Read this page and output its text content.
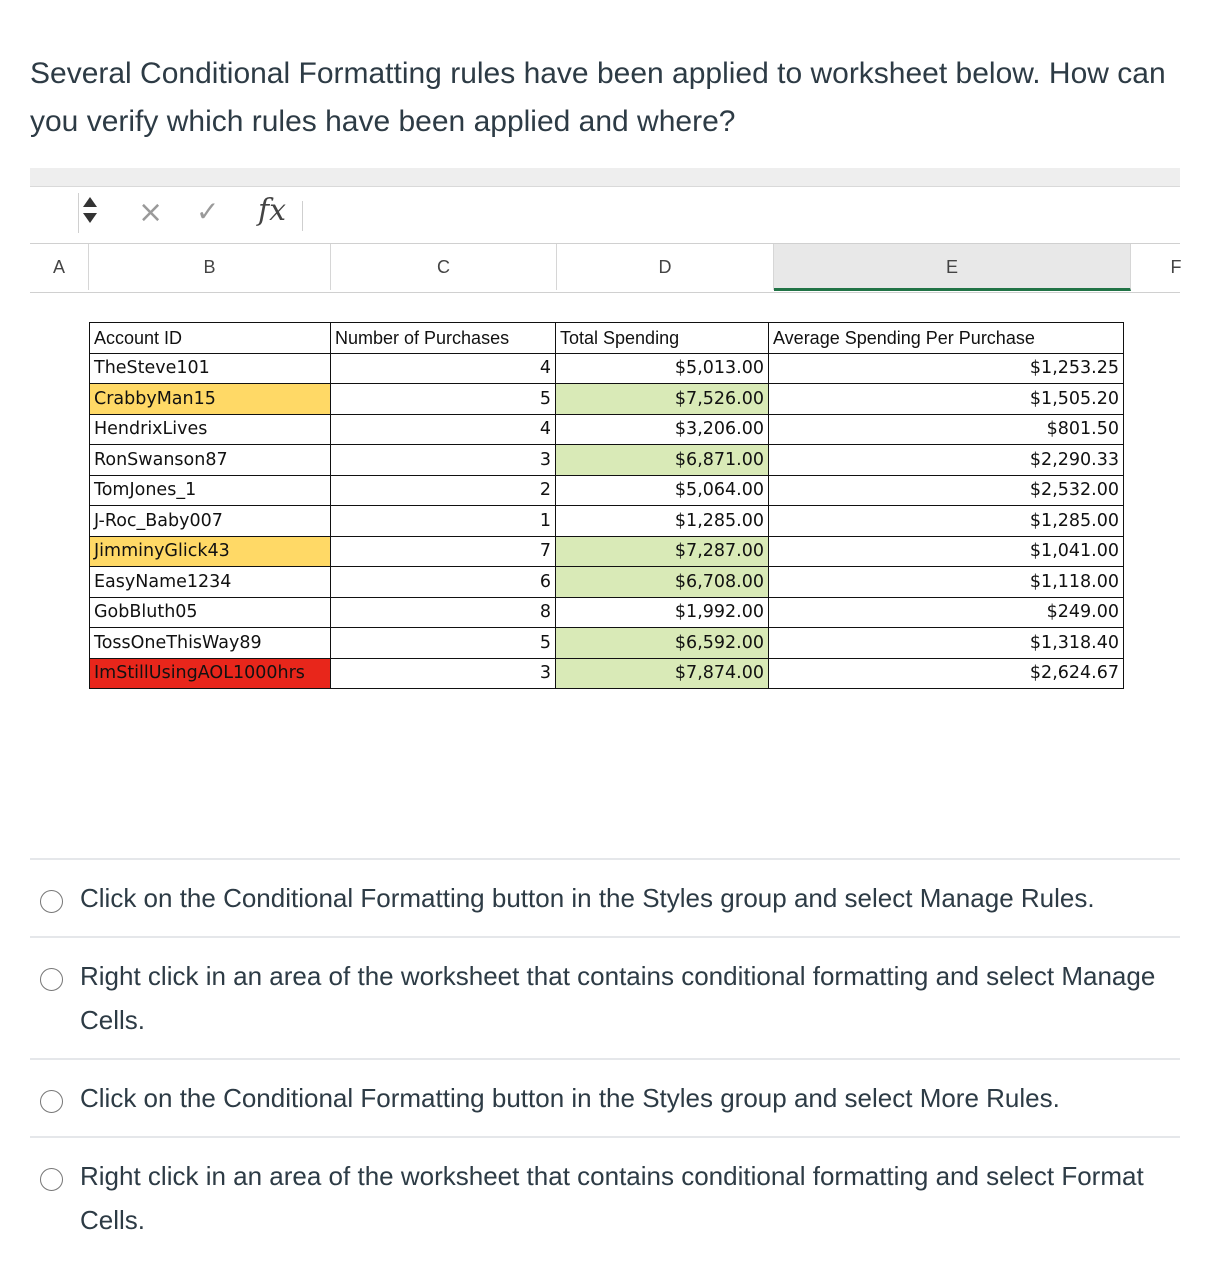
Several Conditional Formatting rules have been applied to worksheet below. How can you verify which rules have been applied and where?
× ✓ fx
A	B	C	D	E	F
Account ID	Number of Purchases	Total Spending	Average Spending Per Purchase
TheSteve101	4	$5,013.00	$1,253.25
CrabbyMan15	5	$7,526.00	$1,505.20
HendrixLives	4	$3,206.00	$801.50
RonSwanson87	3	$6,871.00	$2,290.33
TomJones_1	2	$5,064.00	$2,532.00
J-Roc_Baby007	1	$1,285.00	$1,285.00
JimminyGlick43	7	$7,287.00	$1,041.00
EasyName1234	6	$6,708.00	$1,118.00
GobBluth05	8	$1,992.00	$249.00
TossOneThisWay89	5	$6,592.00	$1,318.40
ImStillUsingAOL1000hrs	3	$7,874.00	$2,624.67
Click on the Conditional Formatting button in the Styles group and select Manage Rules.
Right click in an area of the worksheet that contains conditional formatting and select Manage Cells.
Click on the Conditional Formatting button in the Styles group and select More Rules.
Right click in an area of the worksheet that contains conditional formatting and select Format Cells.
